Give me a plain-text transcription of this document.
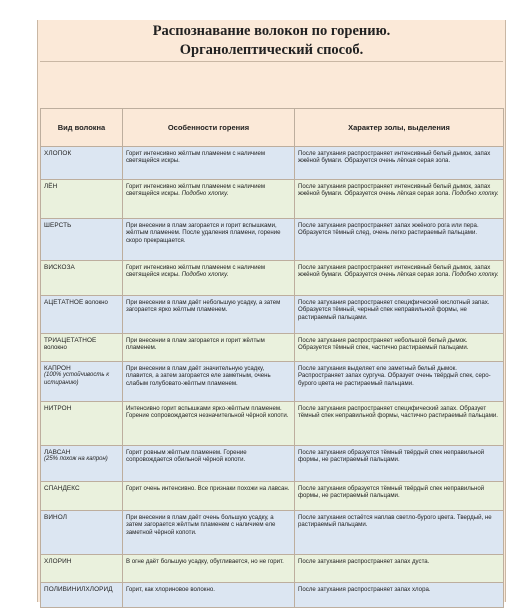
Распознавание волокон по горению.
Органолептический способ.
Вид волокна	Особенности горения	Характер золы, выделения
ХЛОПОК	Горит интенсивно жёлтым пламенем с наличием светящейся искры.	После затухания распространяет интенсивный белый дымок, запах жжёной бумаги. Образуется очень лёгкая серая зола.
ЛЁН	Горит интенсивно жёлтым пламенем с наличием светящейся искры. Подобно хлопку.	После затухания распространяет интенсивный белый дымок, запах жжёной бумаги. Образуется очень лёгкая серая зола. Подобно хлопку.
ШЕРСТЬ	При внесении в плам загорается и горит вспышками, жёлтым пламенем. После удаления пламени, горение скоро прекращается.	После затухания распространяет запах жжёного рога или пера. Образуется тёмный след, очень легко растираемый пальцами.
ВИСКОЗА	Горит интенсивно жёлтым пламенем с наличием светящейся искры. Подобно хлопку.	После затухания распространяет интенсивный белый дымок, запах жжёной бумаги. Образуется очень лёгкая серая зола. Подобно хлопку.
АЦЕТАТНОЕ волокно	При внесении в плам даёт небольшую усадку, а затем загорается ярко жёлтым пламенем.	После затухания распространяет специфический кислотный запах. Образуется тёмный, черный спек неправильной формы, не растираемый пальцами.
ТРИАЦЕТАТНОЕ волокно	При внесении в плам загорается и горит жёлтым пламенем.	После затухания распространяет небольшой белый дымок. Образуется тёмный спек, частично растираемый пальцами.
КАПРОН
(100% устойчивость к истиранию)	При внесении в плам даёт значительную усадку, плавится, а затем загорается еле заметным, очень слабым голубовато-жёлтым пламенем.	После затухания выделяет еле заметный белый дымок. Распространяет запах сургуча. Образует очень твёрдый спек, серо-бурого цвета не растираемый пальцами.
НИТРОН	Интенсивно горит вспышками ярко-жёлтым пламенем. Горение сопровождается незначительной чёрной копоти.	После затухания распространяет специфический запах. Образует тёмный спек неправильной формы, частично растираемый пальцами.
ЛАВСАН
(25% похож на капрон)	Горит ровным жёлтым пламенем. Горение сопровождается обильной чёрной копоти.	После затухания образуется тёмный твёрдый спек неправильной формы, не растираемый пальцами.
СПАНДЕКС	Горит очень интенсивно. Все признаки похожи на лавсан.	После затухания образуется тёмный твёрдый спек неправильной формы, не растираемый пальцами.
ВИНОЛ	При внесении в плам даёт очень большую усадку, а затем загорается жёлтым пламенем с наличием еле заметной чёрной копоти.	После затухания остаётся наплав светло-бурого цвета. Твердый, не растираемый пальцами.
ХЛОРИН	В огне даёт большую усадку, обугливается, но не горит.	После затухания распространяет запах дуста.
ПОЛИВИНИЛХЛОРИД	Горит, как хлориновое волокно.	После затухания распространяет запах хлора.
